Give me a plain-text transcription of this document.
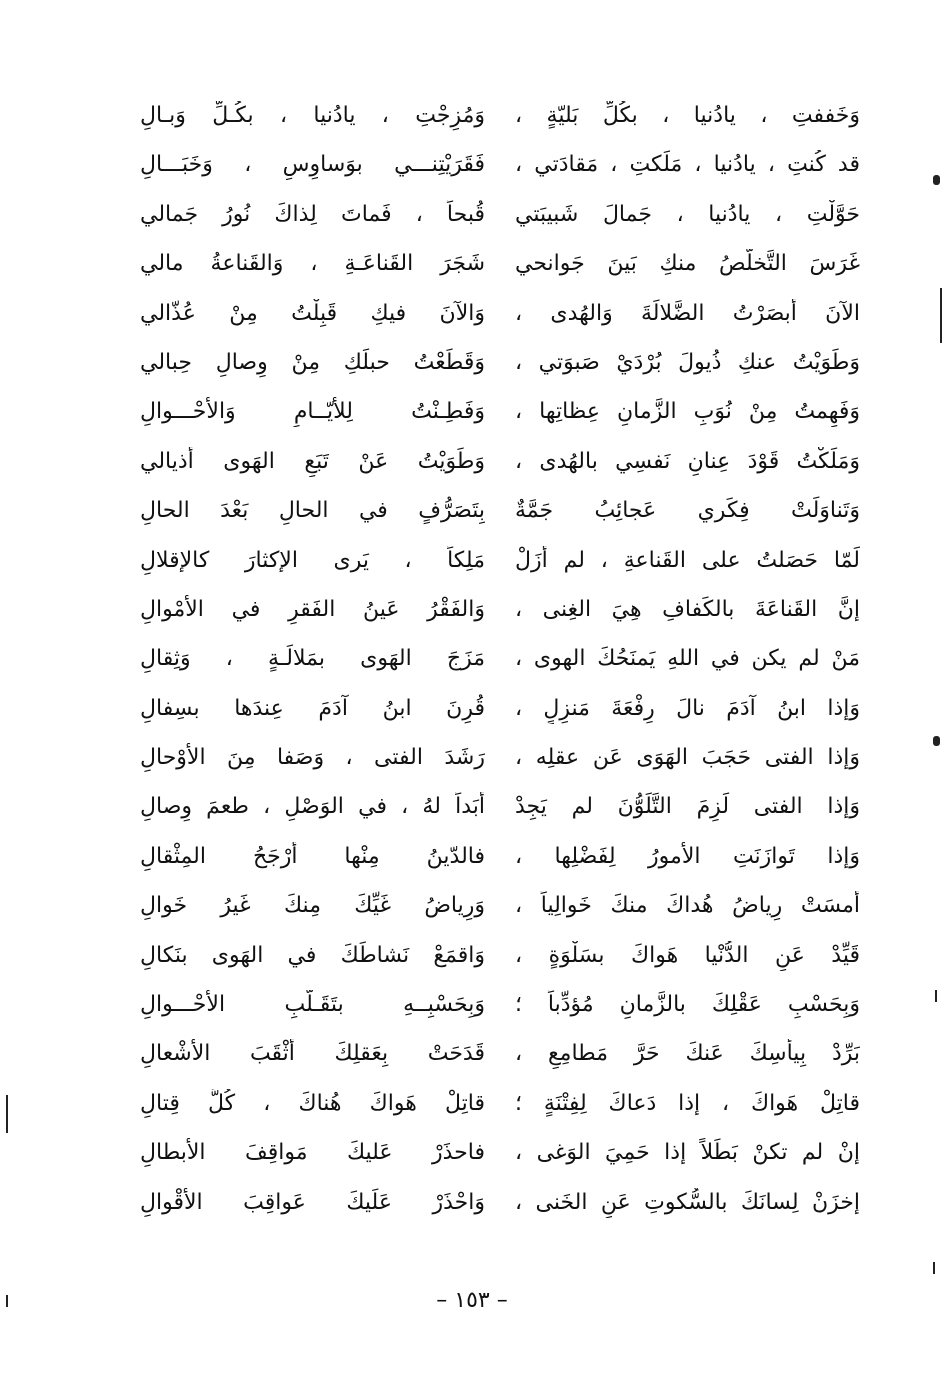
وَخَففتِ ، يادُنيا ، بكُلِّ بَليّةٍ ،
وَمُزِجْتِ ، يادُنيا ، بكُـلِّ وَبـالِ
قد كُنتِ ، يادُنيا ، مَلَكتِ ، مَقادَتي ،
فَقَرَيْتِنـــي بوَساوِسٍ ، وَخَبَـــالِ
حَوَّلْتِ ، يادُنيا ، جَمالَ شَبيبَتي
قُبحاً ، فَماتَ لِذاكَ نُورُ جَمالي
غَرَسَ التَّخلُّصُ منكِ بَينَ جَوانحي
شَجَرَ القَناعَـةِ ، وَالقَناعةُ مالي
الآنَ أَبصَرْتُ الضَّلالَةَ وَالهُدى ،
وَالآنَ فيكِ قَبِلْتُ مِنْ عُذّالي
وَطَوَيْتُ عنكِ ذُيولَ بُرْدَيْ صَبوَتي ،
وَقَطَعْتُ حبلَكِ مِنْ وِصالِ حِبالي
وَفَهِمتُ مِنْ نُوَبِ الزَّمانِ عِظاتِها ،
وَفَطِـنْتُ لِلأَيّــامِ وَالأَحْـــوالِ
وَمَلَكْتُ قَوْدَ عِنانِ نَفسِي بالهُدى ،
وَطَوَيْتُ عَنْ تَبَعِ الهَوى أَذيالي
وَتَناوَلَتْ فِكَري عَجائِبُ جَمَّةٌ
بِتَصَرُّفٍ في الحالِ بَعْدَ الحالِ
لَمّا حَصَلتُ على القَناعةِ ، لم أزَلْ
مَلِكاً ، يَرى الإكثارَ كالإقلالِ
إنَّ القَناعَةَ بالكَفافِ هِيَ الغِنى ،
وَالفَقْرُ عَينُ الفَقرِ في الأَمْوالِ
مَنْ لم يكن في اللهِ يَمنَحُكَ الهوى ،
مَزَجَ الهَوى بمَلالَـةٍ ، وَثِقالِ
وَإذا ابنُ آدَمَ نالَ رِفْعَةَ مَنزِلٍ ،
قُرِنَ ابنُ آدَمَ عِندَها بسِفالِ
وَإذا الفتى حَجَبَ الهَوَى عَن عقلِه ،
رَشَدَ الفتى ، وَصَفا مِنَ الأَوْحالِ
وَإذا الفتى لَزِمَ التَّلَوُّنَ لم يَجِدْ
أبَداً لهُ ، في الوَصْلِ ، طعمَ وِصالِ
وَإذا تَوازَنَتِ الأُمورُ لِفَضْلِها ،
فالدّينُ مِنْها أرْجَحُ المِثْقالِ
أَمسَتْ رِياضُ هُداكَ منكَ خَوالِياً ،
وَرِياضُ غَيِّكَ مِنكَ غَيرُ خَوالِ
قَيِّدْ عَنِ الدُّنْيا هَواكَ بسَلْوَةٍ ،
وَاقمَعْ نَشاطَكَ في الهَوى بنَكالِ
وَبِحَسْبِ عَقْلِكَ بالزَّمانِ مُؤدِّباً ؛
وَبِحَسْبِــهِ بتَقَـلُّبِ الأَحْـــوالِ
بَرِّدْ بِيأسِكَ عَنكَ حَرَّ مَطامِعٍ ،
قَدَحَتْ بِعَقلِكَ أَثْقَبَ الأشْعالِ
قاتِلْ هَواكَ ، إذا دَعاكَ لِفِتْنَةٍ ؛
قاتِلْ هَواكَ هُناكَ ، كُلَّ قِتالِ
إنْ لم تكنْ بَطَلاً إذا حَمِيَ الوَغى ،
فاحذَرْ عَليكَ مَواقِفَ الأَبطالِ
إخزَنْ لِسانَكَ بالسُّكوتِ عَنِ الخَنى ،
وَاحْذَرْ عَلَيكَ عَواقِبَ الأَقْوالِ
– ١٥٣ –
